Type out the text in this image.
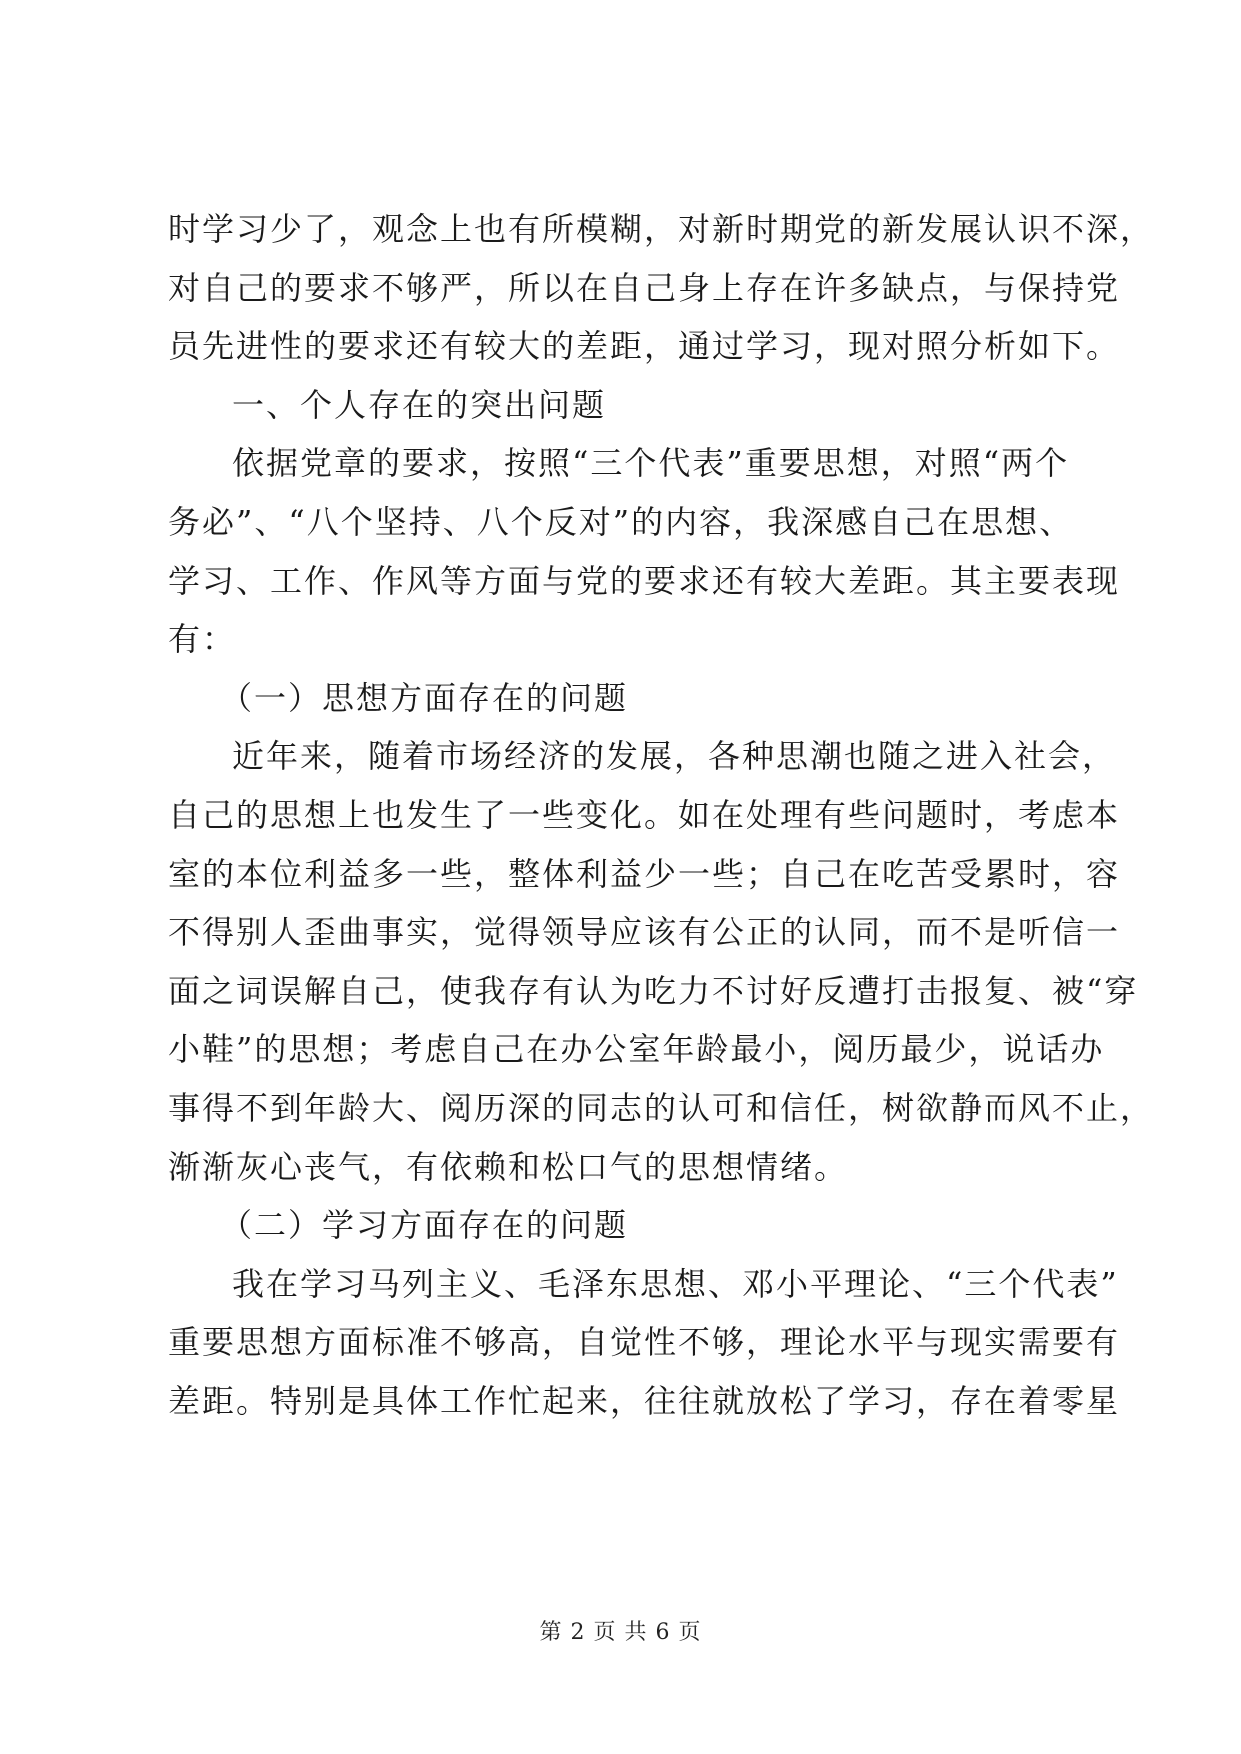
时学习少了，观念上也有所模糊，对新时期党的新发展认识不深，
对自己的要求不够严，所以在自己身上存在许多缺点，与保持党
员先进性的要求还有较大的差距，通过学习，现对照分析如下。
一、个人存在的突出问题
依据党章的要求，按照“三个代表”重要思想，对照“两个
务必”、“八个坚持、八个反对”的内容，我深感自己在思想、
学习、工作、作风等方面与党的要求还有较大差距。其主要表现
有：
（一）思想方面存在的问题
近年来，随着市场经济的发展，各种思潮也随之进入社会，
自己的思想上也发生了一些变化。如在处理有些问题时，考虑本
室的本位利益多一些，整体利益少一些；自己在吃苦受累时，容
不得别人歪曲事实，觉得领导应该有公正的认同，而不是听信一
面之词误解自己，使我存有认为吃力不讨好反遭打击报复、被“穿
小鞋”的思想；考虑自己在办公室年龄最小，阅历最少，说话办
事得不到年龄大、阅历深的同志的认可和信任，树欲静而风不止，
渐渐灰心丧气，有依赖和松口气的思想情绪。
（二）学习方面存在的问题
我在学习马列主义、毛泽东思想、邓小平理论、“三个代表”
重要思想方面标准不够高，自觉性不够，理论水平与现实需要有
差距。特别是具体工作忙起来，往往就放松了学习，存在着零星
第 2 页 共 6 页
